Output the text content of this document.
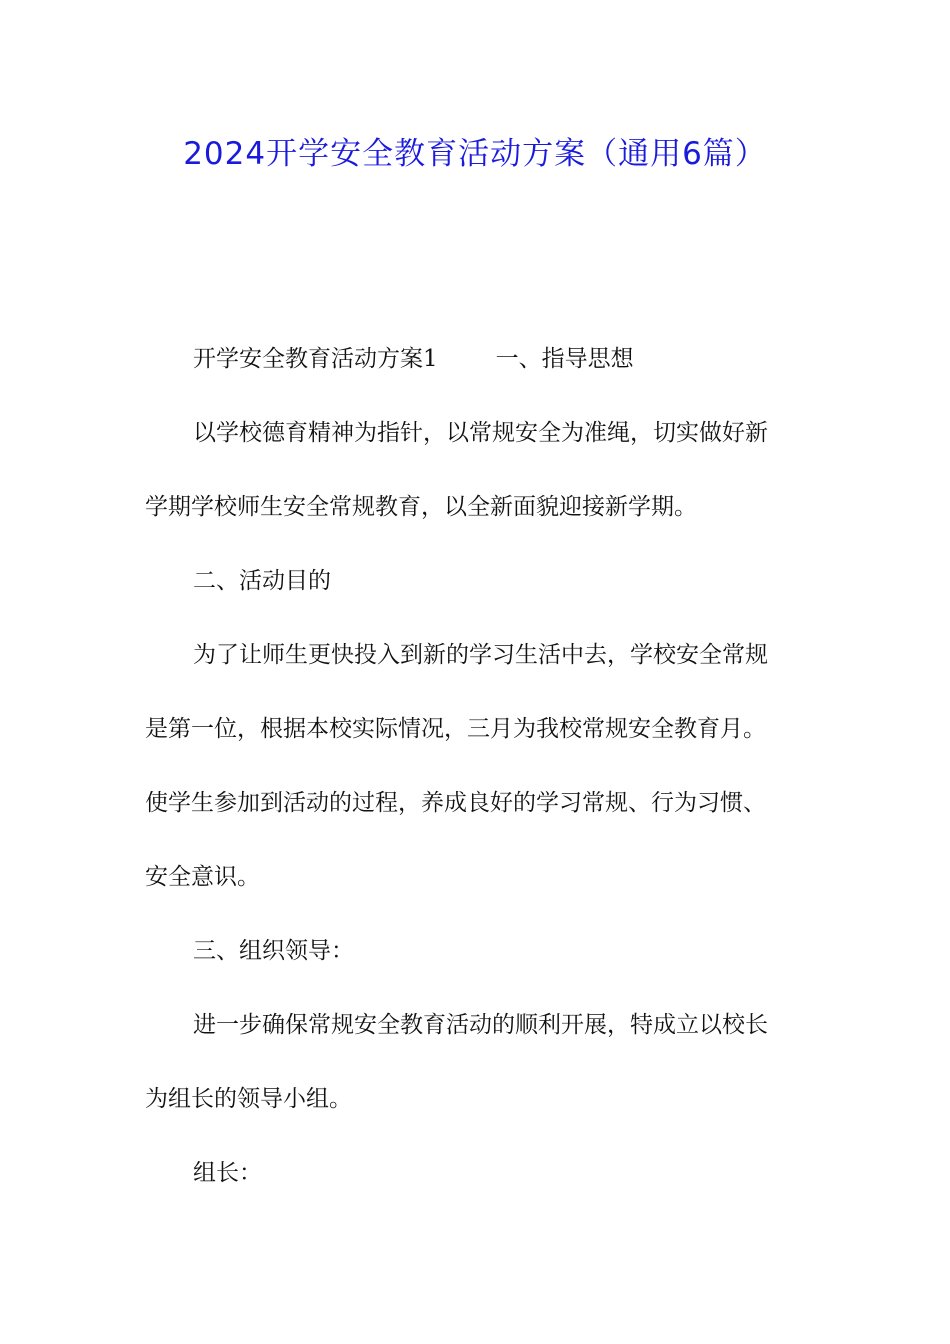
2024开学安全教育活动方案（通用6篇）
开学安全教育活动方案1	一、指导思想
以学校德育精神为指针，以常规安全为准绳，切实做好新
学期学校师生安全常规教育，以全新面貌迎接新学期。
二、活动目的
为了让师生更快投入到新的学习生活中去，学校安全常规
是第一位，根据本校实际情况，三月为我校常规安全教育月。
使学生参加到活动的过程，养成良好的学习常规、行为习惯、
安全意识。
三、组织领导：
进一步确保常规安全教育活动的顺利开展，特成立以校长
为组长的领导小组。
组长：
